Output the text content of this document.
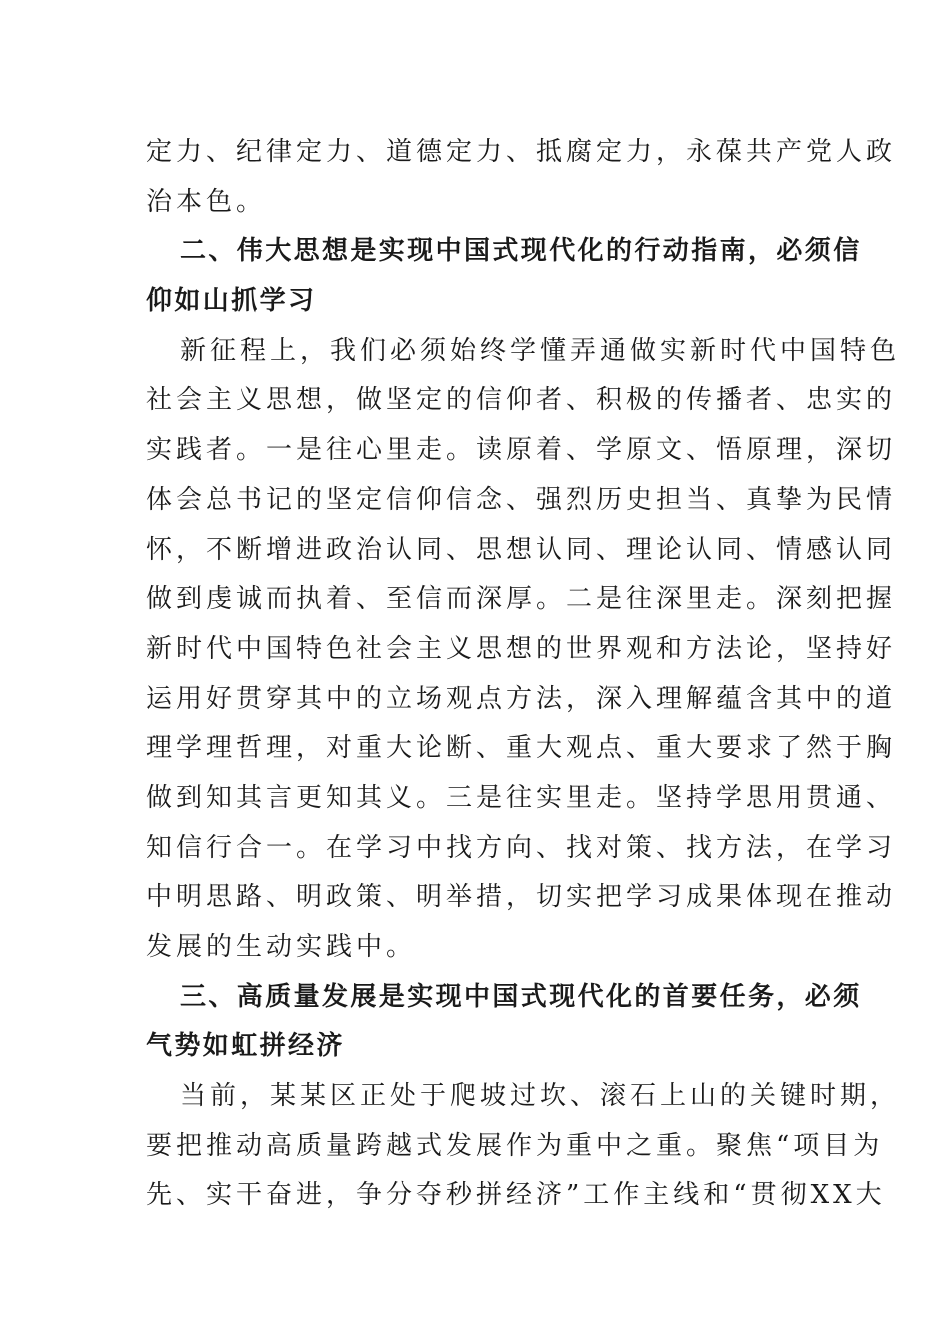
定力、纪律定力、道德定力、抵腐定力，永葆共产党人政
治本色。
二、伟大思想是实现中国式现代化的行动指南，必须信
仰如山抓学习
新征程上，我们必须始终学懂弄通做实新时代中国特色
社会主义思想，做坚定的信仰者、积极的传播者、忠实的
实践者。一是往心里走。读原着、学原文、悟原理，深切
体会总书记的坚定信仰信念、强烈历史担当、真挚为民情
怀，不断增进政治认同、思想认同、理论认同、情感认同
做到虔诚而执着、至信而深厚。二是往深里走。深刻把握
新时代中国特色社会主义思想的世界观和方法论，坚持好
运用好贯穿其中的立场观点方法，深入理解蕴含其中的道
理学理哲理，对重大论断、重大观点、重大要求了然于胸
做到知其言更知其义。三是往实里走。坚持学思用贯通、
知信行合一。在学习中找方向、找对策、找方法，在学习
中明思路、明政策、明举措，切实把学习成果体现在推动
发展的生动实践中。
三、高质量发展是实现中国式现代化的首要任务，必须
气势如虹拼经济
当前，某某区正处于爬坡过坎、滚石上山的关键时期，
要把推动高质量跨越式发展作为重中之重。聚焦“项目为
先、实干奋进，争分夺秒拼经济”工作主线和“贯彻XX大
